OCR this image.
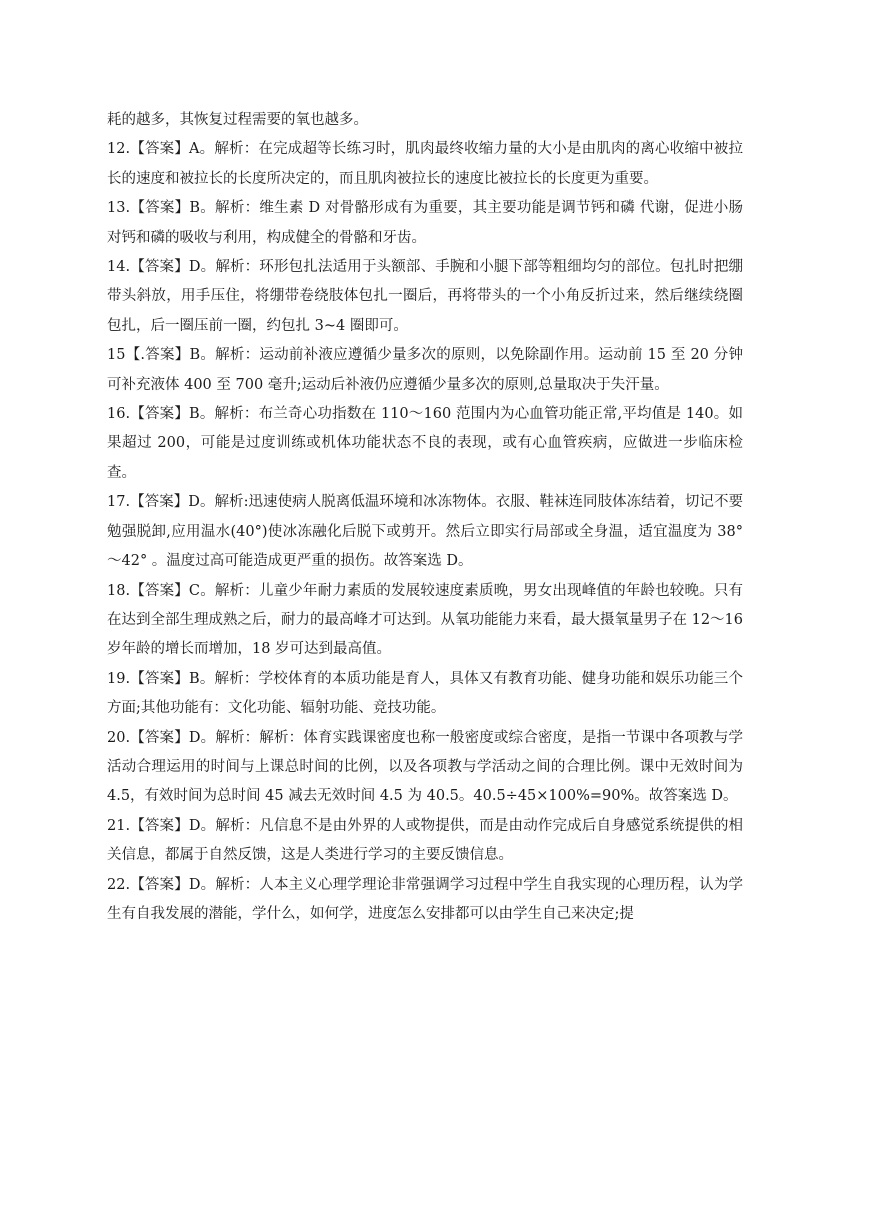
耗的越多，其恢复过程需要的氧也越多。

12.【答案】A。解析：在完成超等长练习时，肌肉最终收缩力量的大小是由肌肉的离心收缩中被拉长的速度和被拉长的长度所决定的，而且肌肉被拉长的速度比被拉长的长度更为重要。

13.【答案】B。解析：维生素 D 对骨骼形成有为重要，其主要功能是调节钙和磷 代谢，促进小肠对钙和磷的吸收与利用，构成健全的骨骼和牙齿。

14.【答案】D。解析：环形包扎法适用于头额部、手腕和小腿下部等粗细均匀的部位。包扎时把绷带头斜放，用手压住，将绷带卷绕肢体包扎一圈后，再将带头的一个小角反折过来，然后继续绕圈包扎，后一圈压前一圈，约包扎 3~4 圈即可。

15【.答案】B。解析：运动前补液应遵循少量多次的原则，以免除副作用。运动前 15 至 20 分钟可补充液体 400 至 700 毫升;运动后补液仍应遵循少量多次的原则,总量取决于失汗量。

16.【答案】B。解析：布兰奇心功指数在 110～160 范围内为心血管功能正常,平均值是 140。如果超过 200，可能是过度训练或机体功能状态不良的表现，或有心血管疾病，应做进一步临床检查。

17.【答案】D。解析:迅速使病人脱离低温环境和冰冻物体。衣服、鞋袜连同肢体冻结着，切记不要勉强脱卸,应用温水(40°)使冰冻融化后脱下或剪开。然后立即实行局部或全身温，适宜温度为 38° ～42° 。温度过高可能造成更严重的损伤。故答案选 D。

18.【答案】C。解析：儿童少年耐力素质的发展较速度素质晚，男女出现峰值的年龄也较晚。只有在达到全部生理成熟之后，耐力的最高峰才可达到。从氧功能能力来看，最大摄氧量男子在 12～16 岁年龄的增长而增加，18 岁可达到最高值。

19.【答案】B。解析：学校体育的本质功能是育人，具体又有教育功能、健身功能和娱乐功能三个方面;其他功能有：文化功能、辐射功能、竞技功能。

20.【答案】D。解析：解析：体育实践课密度也称一般密度或综合密度，是指一节课中各项教与学活动合理运用的时间与上课总时间的比例，以及各项教与学活动之间的合理比例。课中无效时间为 4.5，有效时间为总时间 45 减去无效时间 4.5 为 40.5。40.5÷45×100%=90%。故答案选 D。

21.【答案】D。解析：凡信息不是由外界的人或物提供，而是由动作完成后自身感觉系统提供的相关信息，都属于自然反馈，这是人类进行学习的主要反馈信息。

22.【答案】D。解析：人本主义心理学理论非常强调学习过程中学生自我实现的心理历程，认为学生有自我发展的潜能，学什么，如何学，进度怎么安排都可以由学生自己来决定;提
